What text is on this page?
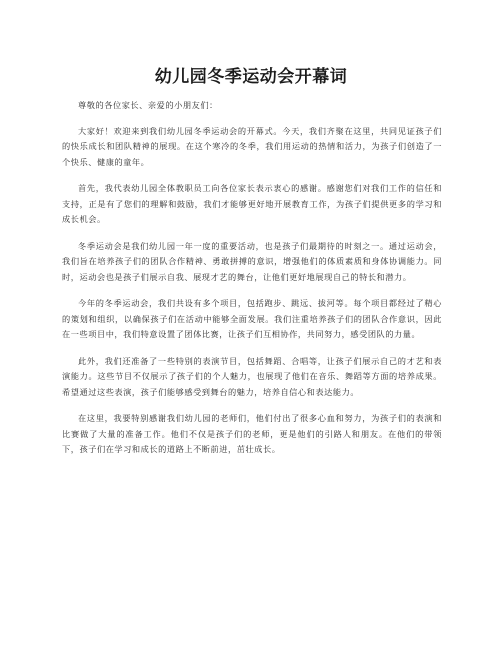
幼儿园冬季运动会开幕词

尊敬的各位家长、亲爱的小朋友们：

大家好！欢迎来到我们幼儿园冬季运动会的开幕式。今天，我们齐聚在这里，共同见证孩子们的快乐成长和团队精神的展现。在这个寒冷的冬季，我们用运动的热情和活力，为孩子们创造了一个快乐、健康的童年。

首先，我代表幼儿园全体教职员工向各位家长表示衷心的感谢。感谢您们对我们工作的信任和支持，正是有了您们的理解和鼓励，我们才能够更好地开展教育工作，为孩子们提供更多的学习和成长机会。

冬季运动会是我们幼儿园一年一度的重要活动，也是孩子们最期待的时刻之一。通过运动会，我们旨在培养孩子们的团队合作精神、勇敢拼搏的意识，增强他们的体质素质和身体协调能力。同时，运动会也是孩子们展示自我、展现才艺的舞台，让他们更好地展现自己的特长和潜力。

今年的冬季运动会，我们共设有多个项目，包括跑步、跳远、拔河等。每个项目都经过了精心的策划和组织，以确保孩子们在活动中能够全面发展。我们注重培养孩子们的团队合作意识，因此在一些项目中，我们特意设置了团体比赛，让孩子们互相协作，共同努力，感受团队的力量。

此外，我们还准备了一些特别的表演节目，包括舞蹈、合唱等，让孩子们展示自己的才艺和表演能力。这些节目不仅展示了孩子们的个人魅力，也展现了他们在音乐、舞蹈等方面的培养成果。希望通过这些表演，孩子们能够感受到舞台的魅力，培养自信心和表达能力。

在这里，我要特别感谢我们幼儿园的老师们，他们付出了很多心血和努力，为孩子们的表演和比赛做了大量的准备工作。他们不仅是孩子们的老师，更是他们的引路人和朋友。在他们的带领下，孩子们在学习和成长的道路上不断前进，茁壮成长。
